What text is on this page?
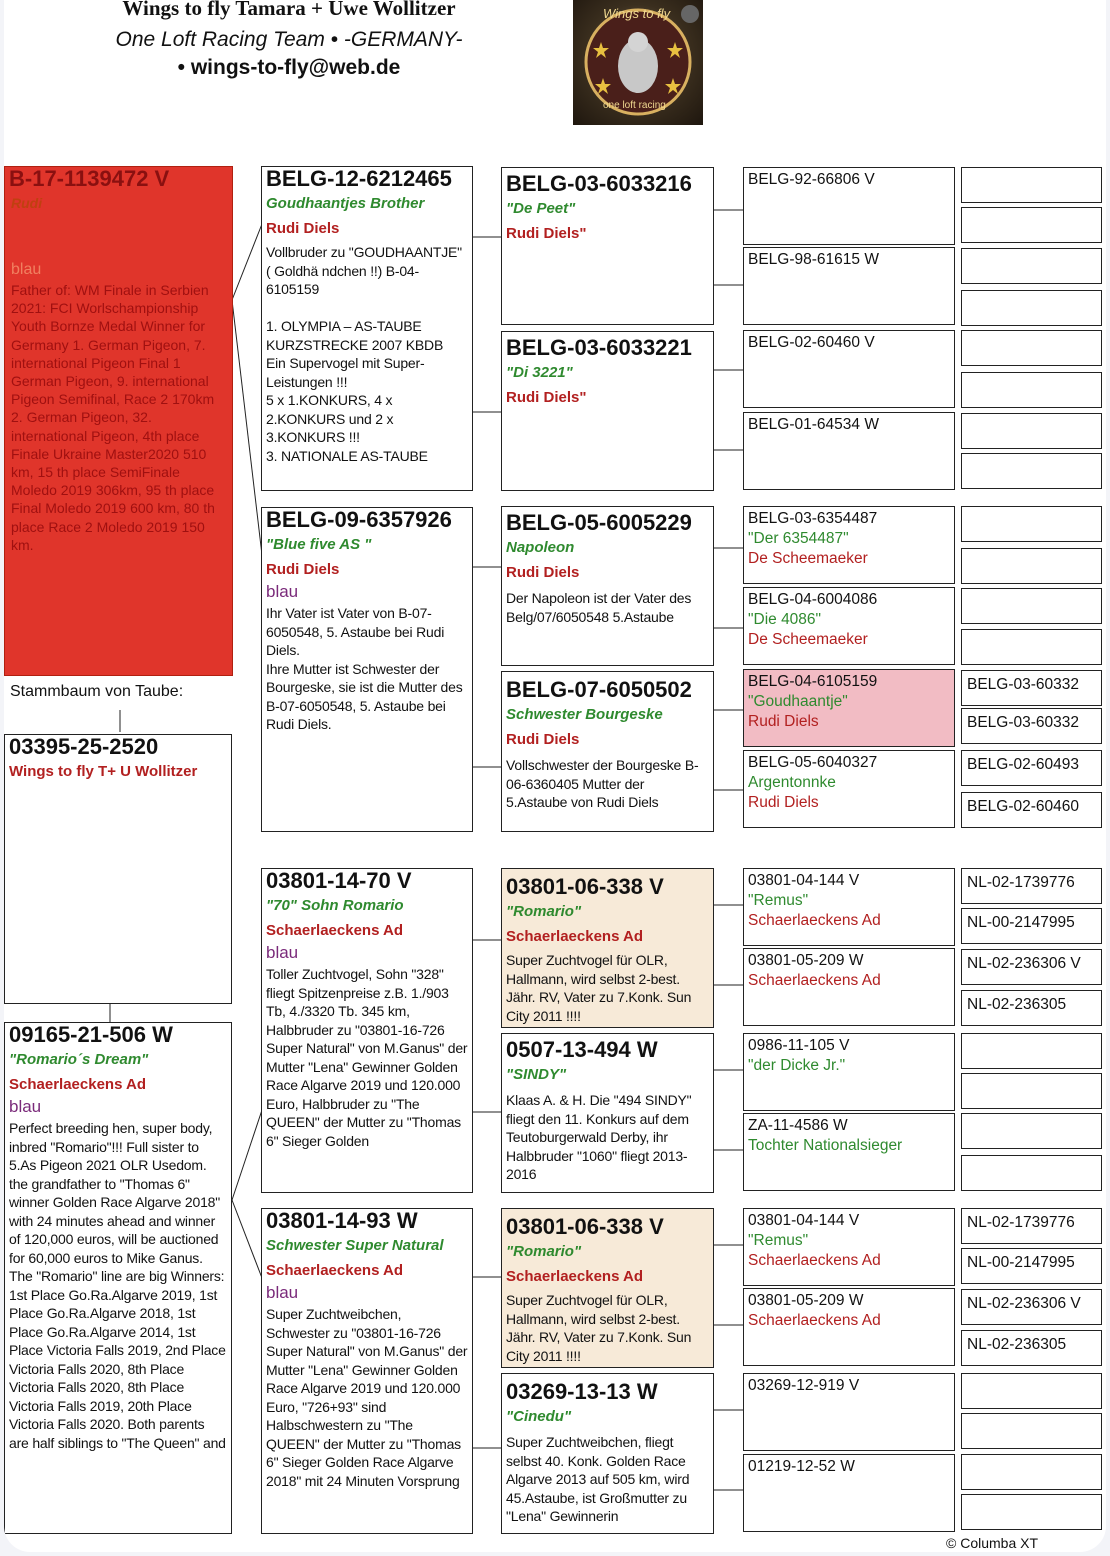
Wings to fly Tamara + Uwe Wollitzer
One Loft Racing Team • -GERMANY-
• wings-to-fly@web.de
Wings to fly
one loft racing
B-17-1139472 V
Rudi
blau
Father of: WM Finale in Serbien 2021: FCI Worlschampionship Youth Bornze Medal Winner for Germany 1. German Pigeon, 7. international Pigeon Final 1 German Pigeon, 9. international Pigeon Semifinal, Race 2 170km 2. German Pigeon, 32. international Pigeon, 4th place Finale Ukraine Master2020 510 km, 15 th place SemiFinale Moledo 2019 306km, 95 th place Final Moledo 2019 600 km, 80 th place Race 2 Moledo 2019 150 km.
Stammbaum von Taube:
03395-25-2520
Wings to fly T+ U Wollitzer
09165-21-506 W
"Romario´s Dream"
Schaerlaeckens Ad
blau
Perfect breeding hen, super body, inbred "Romario"!!! Full sister to 5.As Pigeon 2021 OLR Usedom. the grandfather to "Thomas 6" winner Golden Race Algarve 2018" with 24 minutes ahead and winner of 120,000 euros, will be auctioned for 60,000 euros to Mike Ganus. The "Romario" line are big Winners: 1st Place Go.Ra.Algarve 2019, 1st Place Go.Ra.Algarve 2018, 1st Place Go.Ra.Algarve 2014, 1st Place Victoria Falls 2019, 2nd Place Victoria Falls 2020, 8th Place Victoria Falls 2020, 8th Place Victoria Falls 2019, 20th Place Victoria Falls 2020. Both parents are half siblings to "The Queen" and
BELG-12-6212465
Goudhaantjes Brother
Rudi Diels
Vollbruder zu "GOUDHAANTJE" ( Goldhä ndchen !!) B-04-6105159

1. OLYMPIA – AS-TAUBE KURZSTRECKE 2007 KBDB
Ein Supervogel mit Super-Leistungen !!!
5 x 1.KONKURS, 4 x 2.KONKURS und 2 x 3.KONKURS !!!
3. NATIONALE AS-TAUBE
BELG-09-6357926
"Blue five AS "
Rudi Diels
blau
Ihr Vater ist Vater von B-07-6050548, 5. Astaube bei Rudi Diels.
Ihre Mutter ist Schwester der Bourgeske, sie ist die Mutter des B-07-6050548, 5. Astaube bei Rudi Diels.
03801-14-70 V
"70" Sohn Romario
Schaerlaeckens Ad
blau
Toller Zuchtvogel, Sohn "328" fliegt Spitzenpreise z.B. 1./903 Tb, 4./3320 Tb. 345 km, Halbbruder zu "03801-16-726 Super Natural" von M.Ganus" der Mutter "Lena" Gewinner Golden Race Algarve 2019 und 120.000 Euro, Halbbruder zu "The QUEEN" der Mutter zu "Thomas 6" Sieger Golden
03801-14-93 W
Schwester Super Natural
Schaerlaeckens Ad
blau
Super Zuchtweibchen, Schwester zu "03801-16-726 Super Natural" von M.Ganus" der Mutter "Lena" Gewinner Golden Race Algarve 2019 und 120.000 Euro, "726+93" sind Halbschwestern zu "The QUEEN" der Mutter zu "Thomas 6" Sieger Golden Race Algarve 2018" mit 24 Minuten Vorsprung
BELG-03-6033216
"De Peet"
Rudi Diels"
BELG-03-6033221
"Di 3221"
Rudi Diels"
BELG-05-6005229
Napoleon
Rudi Diels
Der Napoleon ist der Vater des Belg/07/6050548 5.Astaube
BELG-07-6050502
Schwester Bourgeske
Rudi Diels
Vollschwester der Bourgeske B-06-6360405 Mutter der 5.Astaube von Rudi Diels
03801-06-338 V
"Romario"
Schaerlaeckens Ad
Super Zuchtvogel für OLR, Hallmann, wird selbst 2-best. Jähr. RV, Vater zu 7.Konk. Sun City 2011 !!!!
0507-13-494 W
"SINDY"
Klaas A. & H. Die "494 SINDY" fliegt den 11. Konkurs auf dem Teutoburgerwald Derby, ihr Halbbruder "1060" fliegt 2013-2016
03801-06-338 V
"Romario"
Schaerlaeckens Ad
Super Zuchtvogel für OLR, Hallmann, wird selbst 2-best. Jähr. RV, Vater zu 7.Konk. Sun City 2011 !!!!
03269-13-13 W
"Cinedu"
Super Zuchtweibchen, fliegt selbst 40. Konk. Golden Race Algarve 2013 auf 505 km, wird 45.Astaube, ist Großmutter zu "Lena" Gewinnerin
BELG-92-66806 V
BELG-98-61615 W
BELG-02-60460 V
BELG-01-64534 W
BELG-03-6354487
"Der 6354487"
De Scheemaeker
BELG-04-6004086
"Die 4086"
De Scheemaeker
BELG-04-6105159
"Goudhaantje"
Rudi Diels
BELG-05-6040327
Argentonnke
Rudi Diels
03801-04-144 V
"Remus"
Schaerlaeckens Ad
03801-05-209 W
Schaerlaeckens Ad
0986-11-105 V
"der Dicke Jr."
ZA-11-4586 W
Tochter Nationalsieger
03801-04-144 V
"Remus"
Schaerlaeckens Ad
03801-05-209 W
Schaerlaeckens Ad
03269-12-919 V
01219-12-52 W
BELG-03-60332
BELG-03-60332
BELG-02-60493
BELG-02-60460
NL-02-1739776
NL-00-2147995
NL-02-236306 V
NL-02-236305
NL-02-1739776
NL-00-2147995
NL-02-236306 V
NL-02-236305
© Columba XT
